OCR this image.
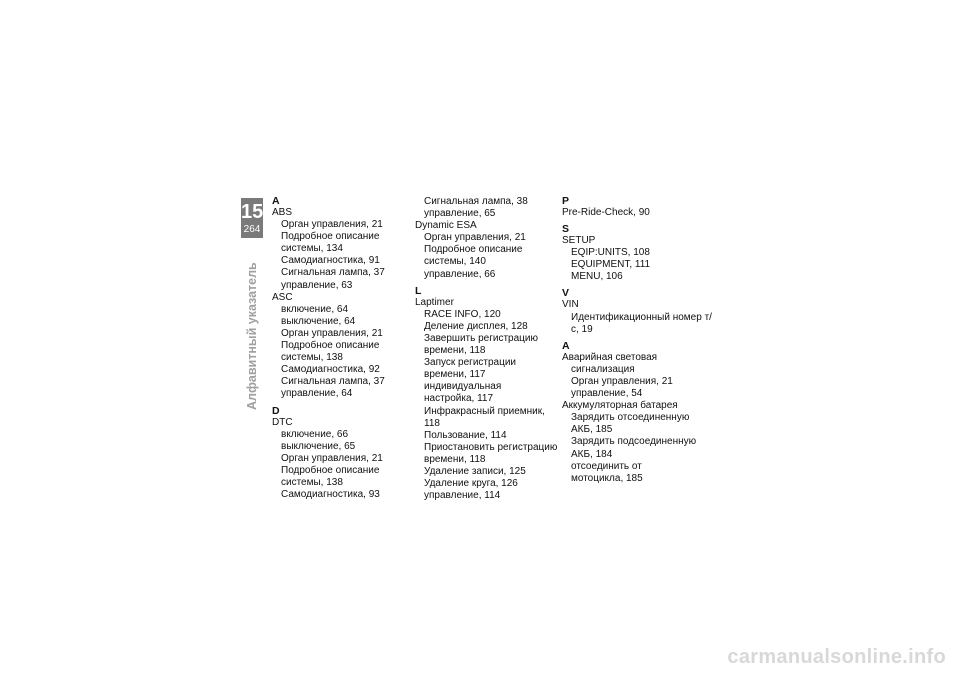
15
264
Алфавитный указатель
A
ABS
Орган управления, 21
Подробное описание
системы, 134
Самодиагностика, 91
Сигнальная лампа, 37
управление, 63
ASC
включение, 64
выключение, 64
Орган управления, 21
Подробное описание
системы, 138
Самодиагностика, 92
Сигнальная лампа, 37
управление, 64
D
DTC
включение, 66
выключение, 65
Орган управления, 21
Подробное описание
системы, 138
Самодиагностика, 93
Сигнальная лампа, 38
управление, 65
Dynamic ESA
Орган управления, 21
Подробное описание
системы, 140
управление, 66
L
Laptimer
RACE INFO, 120
Деление дисплея, 128
Завершить регистрацию
времени, 118
Запуск регистрации
времени, 117
индивидуальная
настройка, 117
Инфракрасный приемник, 118
Пользование, 114
Приостановить регистрацию
времени, 118
Удаление записи, 125
Удаление круга, 126
управление, 114
P
Pre-Ride-Check, 90
S
SETUP
EQIP:UNITS, 108
EQUIPMENT, 111
MENU, 106
V
VIN
Идентификационный номер т/
с, 19
А
Аварийная световая
сигнализация
Орган управления, 21
управление, 54
Аккумуляторная батарея
Зарядить отсоединенную
АКБ, 185
Зарядить подсоединенную
АКБ, 184
отсоединить от
мотоцикла, 185
carmanualsonline.info
